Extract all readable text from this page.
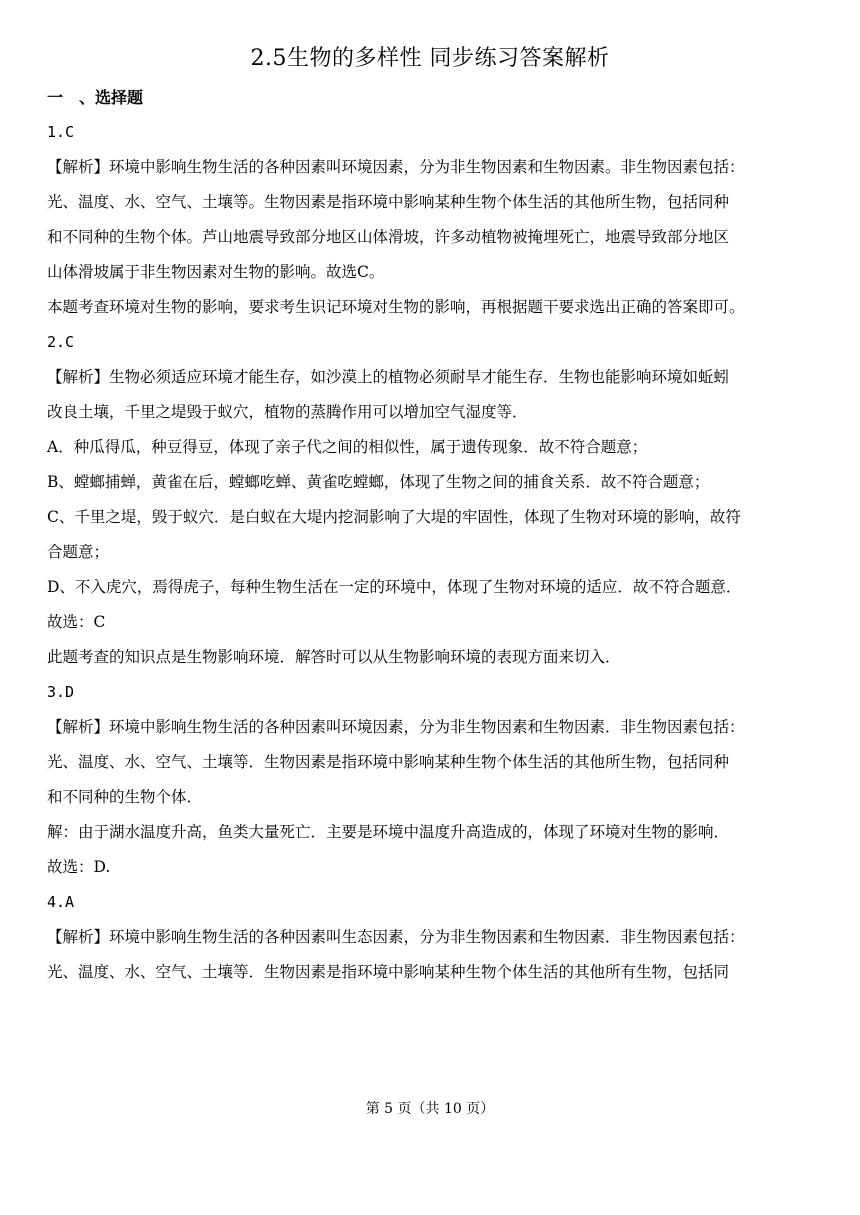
2.5生物的多样性 同步练习答案解析
一　、选择题
1.C
【解析】环境中影响生物生活的各种因素叫环境因素，分为非生物因素和生物因素。非生物因素包括：
光、温度、水、空气、土壤等。生物因素是指环境中影响某种生物个体生活的其他所生物，包括同种
和不同种的生物个体。芦山地震导致部分地区山体滑坡，许多动植物被掩埋死亡，地震导致部分地区
山体滑坡属于非生物因素对生物的影响。故选C。
本题考查环境对生物的影响，要求考生识记环境对生物的影响，再根据题干要求选出正确的答案即可。
2.C
【解析】生物必须适应环境才能生存，如沙漠上的植物必须耐旱才能生存．生物也能影响环境如蚯蚓
改良土壤，千里之堤毁于蚁穴，植物的蒸腾作用可以增加空气湿度等．
A．种瓜得瓜，种豆得豆，体现了亲子代之间的相似性，属于遗传现象．故不符合题意；
B、螳螂捕蝉，黄雀在后，螳螂吃蝉、黄雀吃螳螂，体现了生物之间的捕食关系．故不符合题意；
C、千里之堤，毁于蚁穴．是白蚁在大堤内挖洞影响了大堤的牢固性，体现了生物对环境的影响，故符
合题意；
D、不入虎穴，焉得虎子，每种生物生活在一定的环境中，体现了生物对环境的适应．故不符合题意．
故选：C
此题考查的知识点是生物影响环境．解答时可以从生物影响环境的表现方面来切入．
3.D
【解析】环境中影响生物生活的各种因素叫环境因素，分为非生物因素和生物因素．非生物因素包括：
光、温度、水、空气、土壤等．生物因素是指环境中影响某种生物个体生活的其他所生物，包括同种
和不同种的生物个体．
解：由于湖水温度升高，鱼类大量死亡．主要是环境中温度升高造成的，体现了环境对生物的影响．
故选：D.
4.A
【解析】环境中影响生物生活的各种因素叫生态因素，分为非生物因素和生物因素．非生物因素包括：
光、温度、水、空气、土壤等．生物因素是指环境中影响某种生物个体生活的其他所有生物，包括同
第 5 页（共 10 页）
